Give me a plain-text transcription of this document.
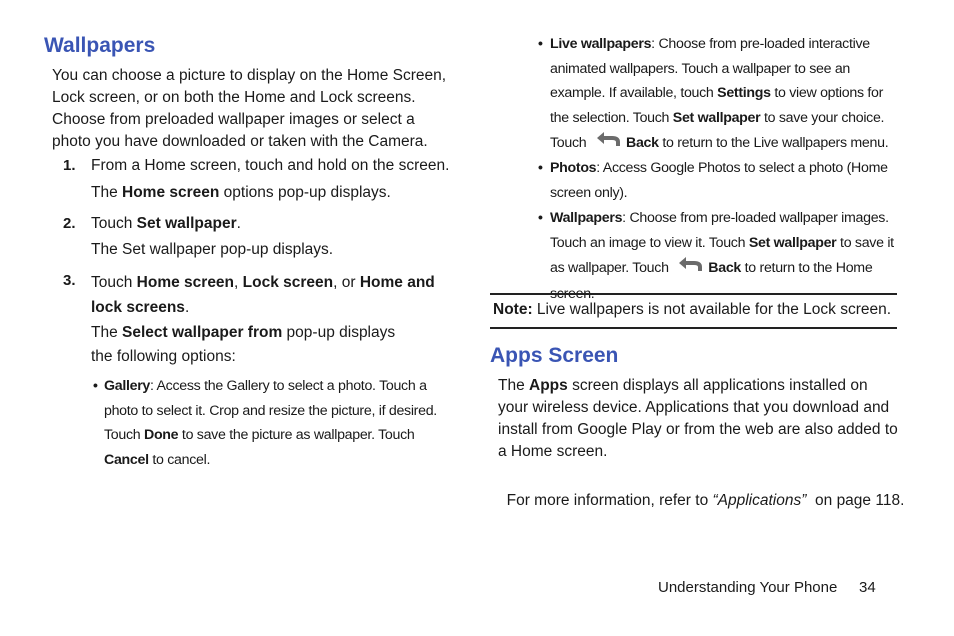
Wallpapers
You can choose a picture to display on the Home Screen, Lock screen, or on both the Home and Lock screens. Choose from preloaded wallpaper images or select a photo you have downloaded or taken with the Camera.
1. From a Home screen, touch and hold on the screen.
The Home screen options pop-up displays.
2. Touch Set wallpaper.
The Set wallpaper pop-up displays.
3. Touch Home screen, Lock screen, or Home and lock screens.
The Select wallpaper from pop-up displays the following options:
• Gallery: Access the Gallery to select a photo. Touch a photo to select it. Crop and resize the picture, if desired. Touch Done to save the picture as wallpaper. Touch Cancel to cancel.
• Live wallpapers: Choose from pre-loaded interactive animated wallpapers. Touch a wallpaper to see an example. If available, touch Settings to view options for the selection. Touch Set wallpaper to save your choice. Touch	Back to return to the Live wallpapers menu.
• Photos: Access Google Photos to select a photo (Home screen only).
• Wallpapers: Choose from pre-loaded wallpaper images. Touch an image to view it. Touch Set wallpaper to save it as wallpaper. Touch	Back to return to the Home screen.
Note: Live wallpapers is not available for the Lock screen.
Apps Screen
The Apps screen displays all applications installed on your wireless device. Applications that you download and install from Google Play or from the web are also added to a Home screen.

For more information, refer to “Applications”  on page 118.

Understanding Your Phone 34
